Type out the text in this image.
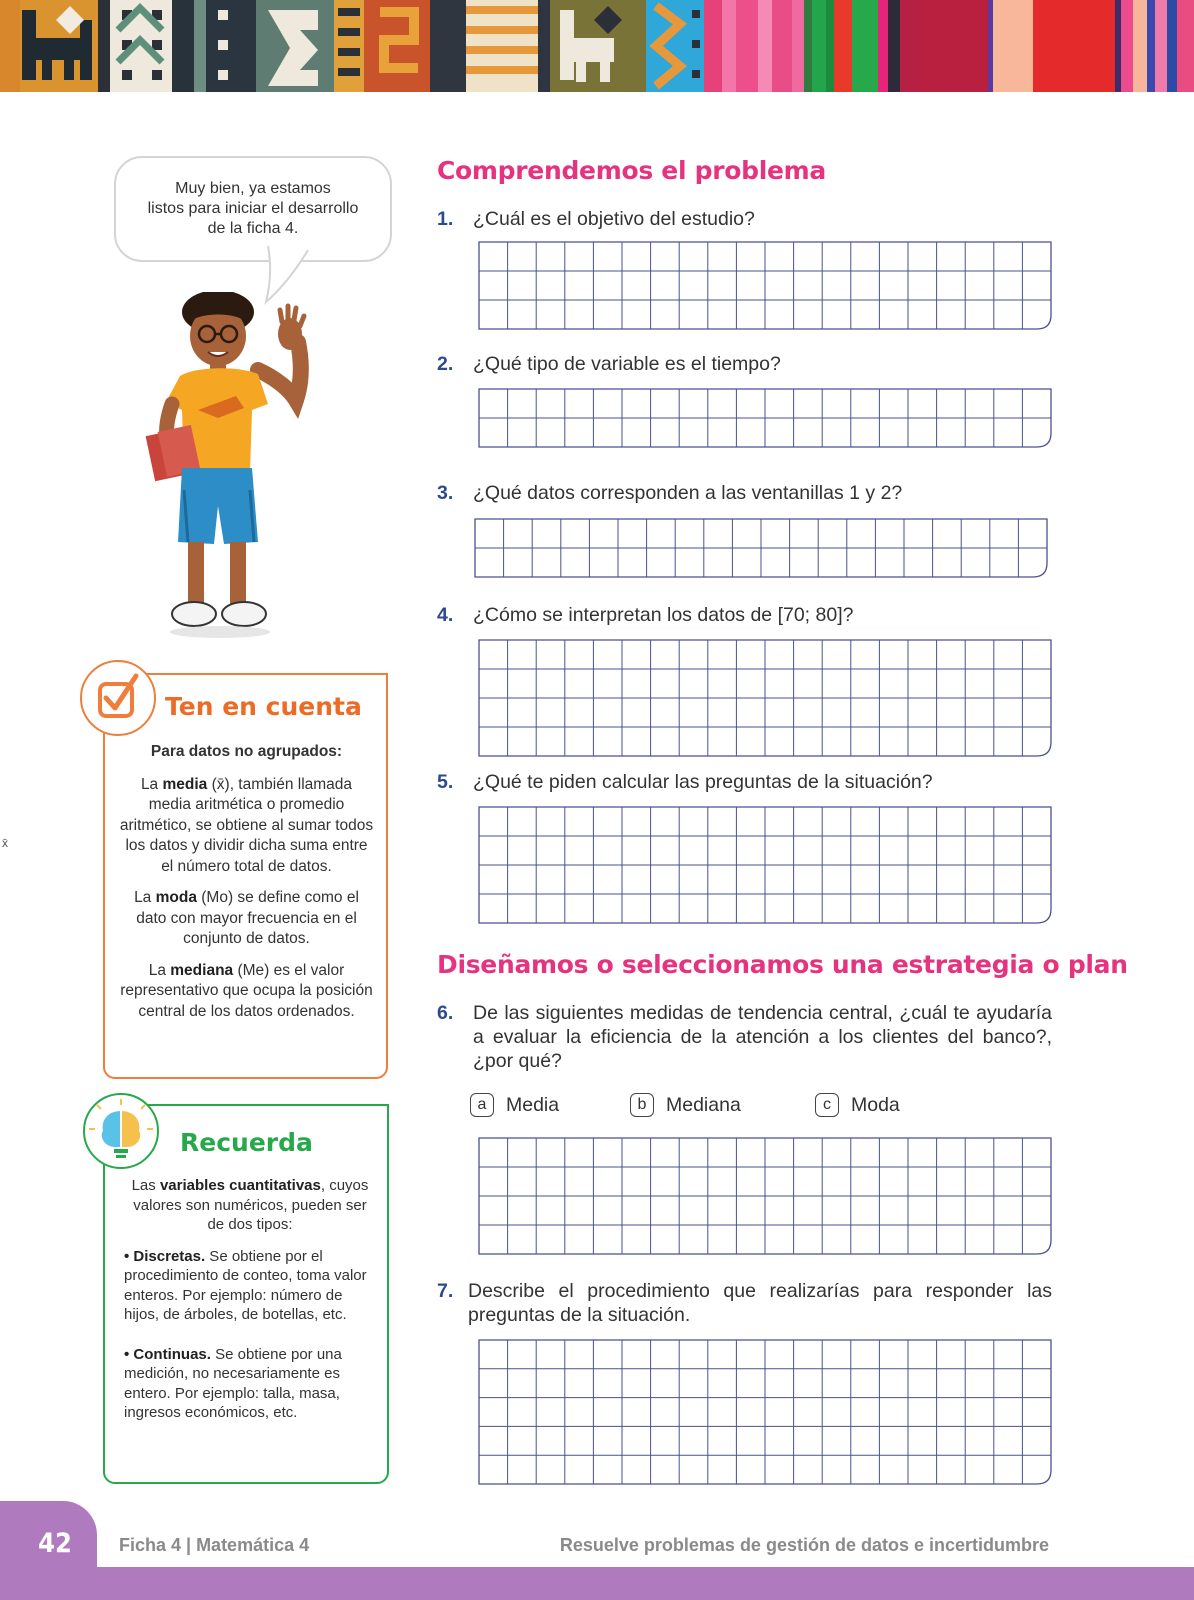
Muy bien, ya estamos
listos para iniciar el desarrollo
de la ficha 4.
Ten en cuenta

Para datos no agrupados:

La media (x̄), también llamada media aritmética o promedio aritmético, se obtiene al sumar todos los datos y dividir dicha suma entre el número total de datos.

La moda (Mo) se define como el dato con mayor frecuencia en el conjunto de datos.

La mediana (Me) es el valor representativo que ocupa la posición central de los datos ordenados.

Recuerda

Las variables cuantitativas, cuyos valores son numéricos, pueden ser de dos tipos:

• Discretas. Se obtiene por el procedimiento de conteo, toma valor enteros. Por ejemplo: número de hijos, de árboles, de botellas, etc.

• Continuas. Se obtiene por una medición, no necesariamente es entero. Por ejemplo: talla, masa, ingresos económicos, etc.

x̄
Comprendemos el problema
1.	¿Cuál es el objetivo del estudio?
2.	¿Qué tipo de variable es el tiempo?
3.	¿Qué datos corresponden a las ventanillas 1 y 2?
4.	¿Cómo se interpretan los datos de [70; 80]?
5.	¿Qué te piden calcular las preguntas de la situación?
Diseñamos o seleccionamos una estrategia o plan
6.	De las siguientes medidas de tendencia central, ¿cuál te ayudaría a evaluar la eficiencia de la atención a los clientes del banco?, ¿por qué?
a	Media	b	Mediana	c	Moda
7. Describe el procedimiento que realizarías para responder las preguntas de la situación.
42	Ficha 4 | Matemática 4	Resuelve problemas de gestión de datos e incertidumbre
